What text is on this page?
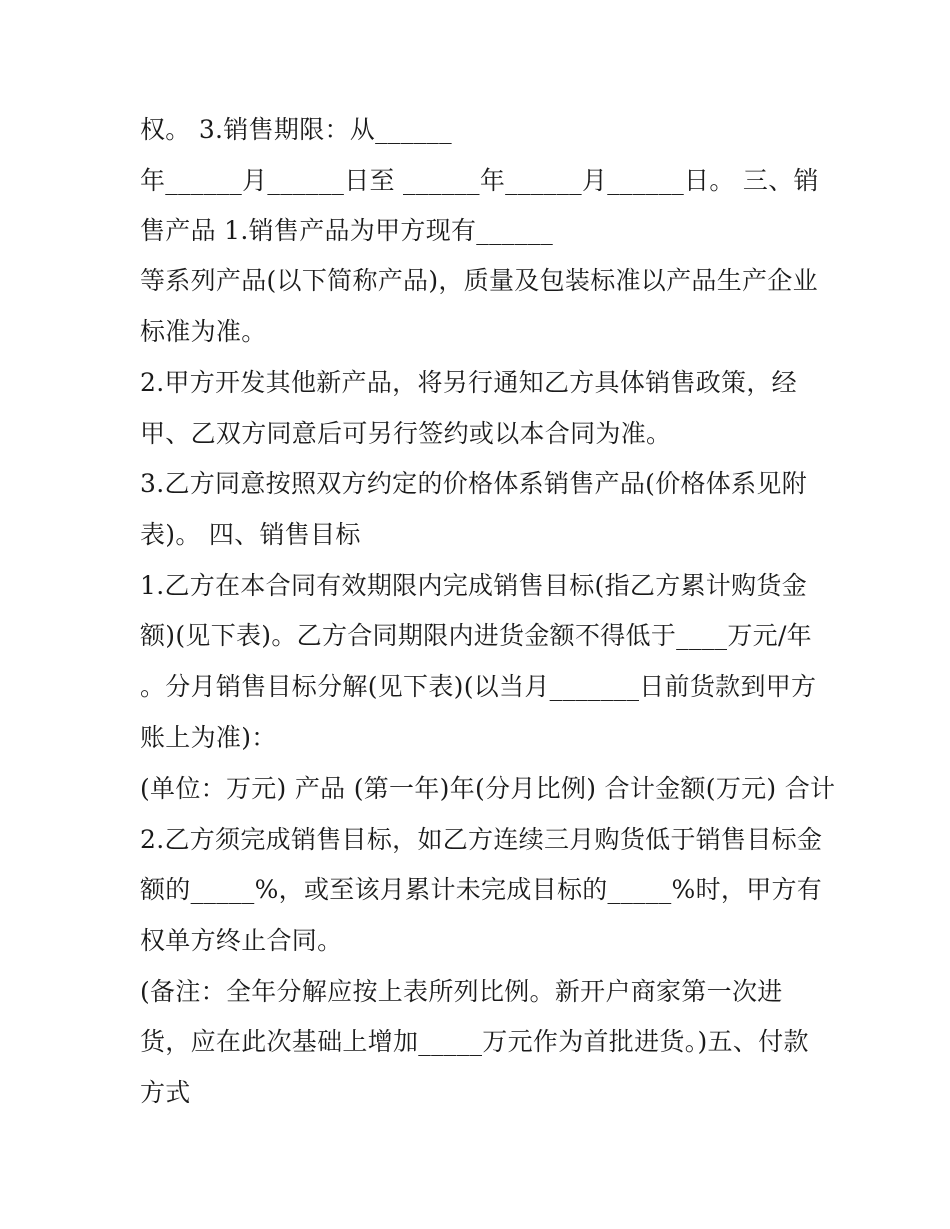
权。 3.销售期限：从______

年______月______日至 ______年______月______日。 三、销

售产品 1.销售产品为甲方现有______

等系列产品(以下简称产品)，质量及包装标准以产品生产企业

标准为准。

2.甲方开发其他新产品，将另行通知乙方具体销售政策，经

甲、乙双方同意后可另行签约或以本合同为准。

3.乙方同意按照双方约定的价格体系销售产品(价格体系见附

表)。 四、销售目标

1.乙方在本合同有效期限内完成销售目标(指乙方累计购货金

额)(见下表)。乙方合同期限内进货金额不得低于____万元/年

。分月销售目标分解(见下表)(以当月_______日前货款到甲方

账上为准)：

(单位：万元) 产品 (第一年)年(分月比例) 合计金额(万元) 合计

2.乙方须完成销售目标，如乙方连续三月购货低于销售目标金

额的_____%，或至该月累计未完成目标的_____%时，甲方有

权单方终止合同。

(备注：全年分解应按上表所列比例。新开户商家第一次进

货，应在此次基础上增加_____万元作为首批进货。)五、付款

方式
